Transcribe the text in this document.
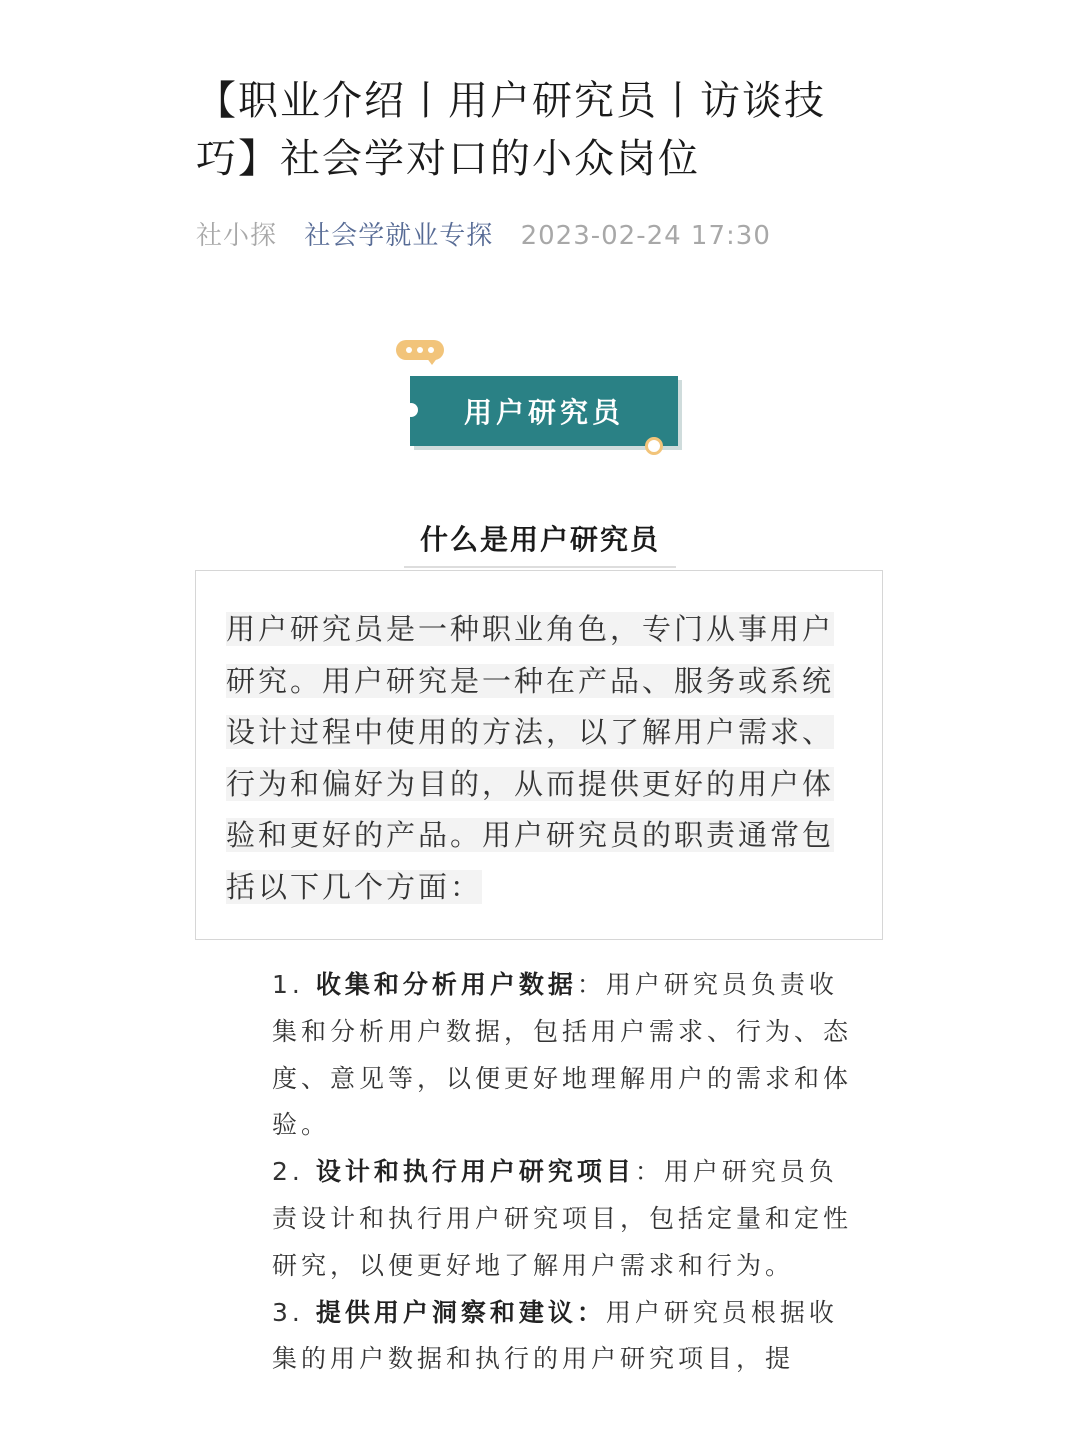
【职业介绍丨用户研究员丨访谈技巧】社会学对口的小众岗位
社小探 社会学就业专探 2023-02-24 17:30
用户研究员
什么是用户研究员

用户研究员是一种职业角色，专门从事用户研究。用户研究是一种在产品、服务或系统设计过程中使用的方法，以了解用户需求、行为和偏好为目的，从而提供更好的用户体验和更好的产品。用户研究员的职责通常包括以下几个方面：

1. 收集和分析用户数据：用户研究员负责收集和分析用户数据，包括用户需求、行为、态度、意见等，以便更好地理解用户的需求和体验。
2. 设计和执行用户研究项目：用户研究员负责设计和执行用户研究项目，包括定量和定性研究，以便更好地了解用户需求和行为。
3. 提供用户洞察和建议：用户研究员根据收集的用户数据和执行的用户研究项目，提
